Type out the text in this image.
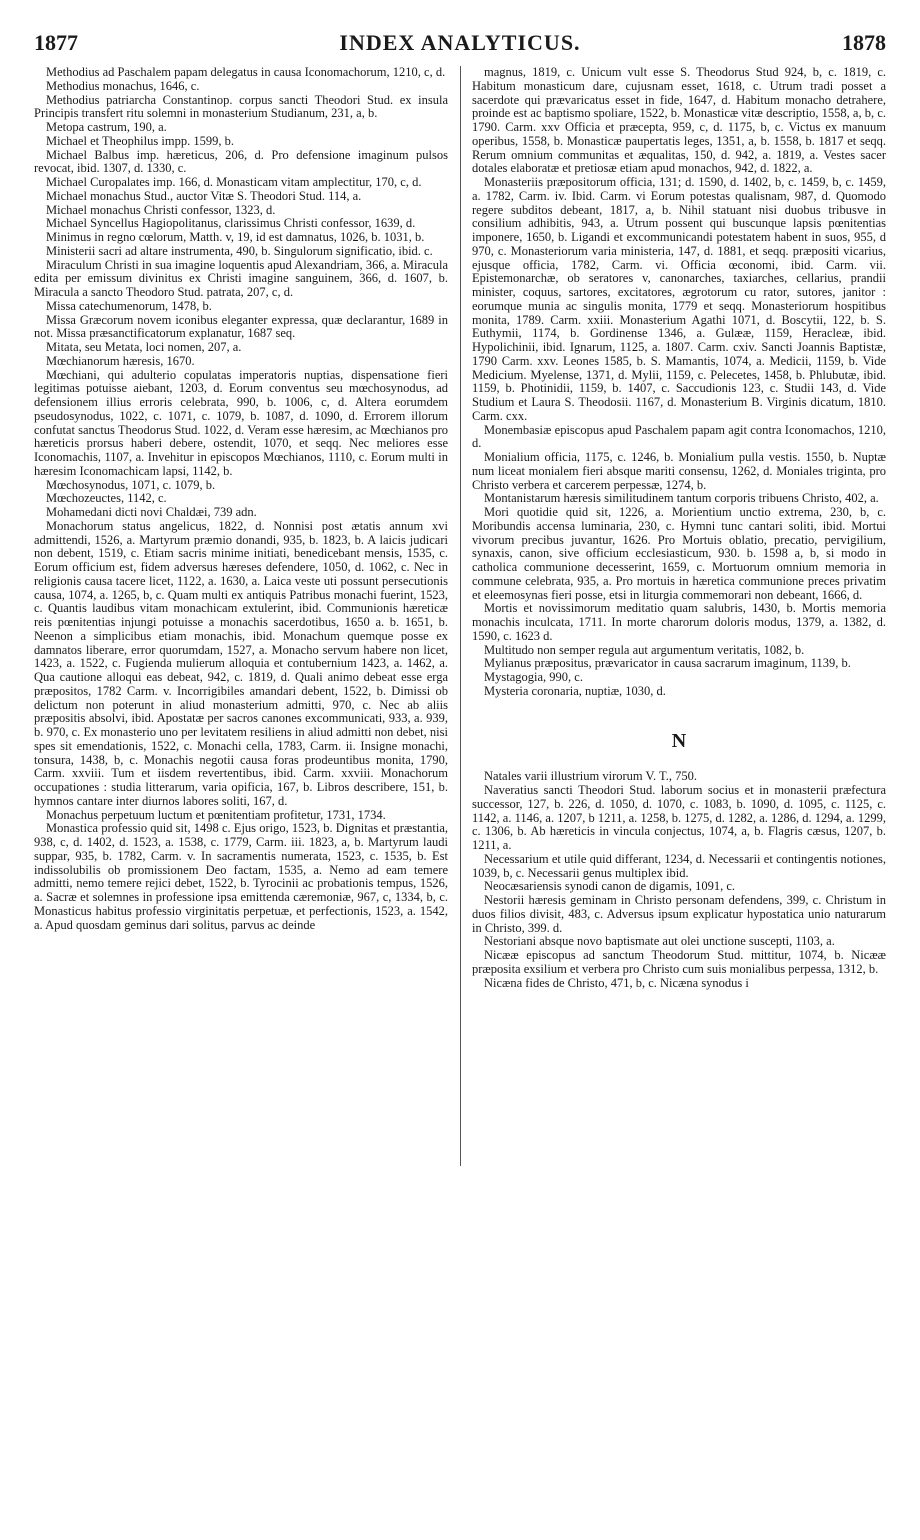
1877	INDEX ANALYTICUS.	1878

Methodius ad Paschalem papam delegatus in causa Iconomachorum, 1210, c, d.

Methodius monachus, 1646, c.

Methodius patriarcha Constantinop. corpus sancti Theodori Stud. ex insula Principis transfert ritu solemni in monasterium Studianum, 231, a, b.

Metopa castrum, 190, a.

Michael et Theophilus impp. 1599, b.

Michael Balbus imp. hæreticus, 206, d. Pro defensione imaginum pulsos revocat, ibid. 1307, d. 1330, c.

Michael Curopalates imp. 166, d. Monasticam vitam amplectitur, 170, c, d.

Michael monachus Stud., auctor Vitæ S. Theodori Stud. 114, a.

Michael monachus Christi confessor, 1323, d.

Michael Syncellus Hagiopolitanus, clarissimus Christi confessor, 1639, d.

Minimus in regno cœlorum, Matth. v, 19, id est damnatus, 1026, b. 1031, b.

Ministerii sacri ad altare instrumenta, 490, b. Singulorum significatio, ibid. c.

Miraculum Christi in sua imagine loquentis apud Alexandriam, 366, a. Miracula edita per emissum divinitus ex Christi imagine sanguinem, 366, d. 1607, b. Miracula a sancto Theodoro Stud. patrata, 207, c, d.

Missa catechumenorum, 1478, b.

Missa Græcorum novem iconibus eleganter expressa, quæ declarantur, 1689 in not. Missa præsanctificatorum explanatur, 1687 seq.

Mitata, seu Metata, loci nomen, 207, a.

Mœchianorum hæresis, 1670.

Mœchiani, qui adulterio copulatas imperatoris nuptias, dispensatione fieri legitimas potuisse aiebant, 1203, d. Eorum conventus seu mœchosynodus, ad defensionem illius erroris celebrata, 990, b. 1006, c, d. Altera eorumdem pseudosynodus, 1022, c. 1071, c. 1079, b. 1087, d. 1090, d. Errorem illorum confutat sanctus Theodorus Stud. 1022, d. Veram esse hæresim, ac Mœchianos pro hæreticis prorsus haberi debere, ostendit, 1070, et seqq. Nec meliores esse Iconomachis, 1107, a. Invehitur in episcopos Mœchianos, 1110, c. Eorum multi in hæresim Iconomachicam lapsi, 1142, b.

Mœchosynodus, 1071, c. 1079, b.

Mœchozeuctes, 1142, c.

Mohamedani dicti novi Chaldæi, 739 adn.

Monachorum status angelicus, 1822, d. Nonnisi post ætatis annum xvi admittendi, 1526, a. Martyrum præmio donandi, 935, b. 1823, b. A laicis judicari non debent, 1519, c. Etiam sacris minime initiati, benedicebant mensis, 1535, c. Eorum officium est, fidem adversus hæreses defendere, 1050, d. 1062, c. Nec in religionis causa tacere licet, 1122, a. 1630, a. Laica veste uti possunt persecutionis causa, 1074, a. 1265, b, c. Quam multi ex antiquis Patribus monachi fuerint, 1523, c. Quantis laudibus vitam monachicam extulerint, ibid. Communionis hæreticæ reis pœnitentias injungi potuisse a monachis sacerdotibus, 1650 a. b. 1651, b. Neenon a simplicibus etiam monachis, ibid. Monachum quemque posse ex damnatos liberare, error quorumdam, 1527, a. Monacho servum habere non licet, 1423, a. 1522, c. Fugienda mulierum alloquia et contubernium 1423, a. 1462, a. Qua cautione alloqui eas debeat, 942, c. 1819, d. Quali animo debeat esse erga præpositos, 1782 Carm. v. Incorrigibiles amandari debent, 1522, b. Dimissi ob delictum non poterunt in aliud monasterium admitti, 970, c. Nec ab aliis præpositis absolvi, ibid. Apostatæ per sacros canones excommunicati, 933, a. 939, b. 970, c. Ex monasterio uno per levitatem resiliens in aliud admitti non debet, nisi spes sit emendationis, 1522, c. Monachi cella, 1783, Carm. ii. Insigne monachi, tonsura, 1438, b, c. Monachis negotii causa foras prodeuntibus monita, 1790, Carm. xxviii. Tum et iisdem revertentibus, ibid. Carm. xxviii. Monachorum occupationes : studia litterarum, varia opificia, 167, b. Libros describere, 151, b. hymnos cantare inter diurnos labores soliti, 167, d.

Monachus perpetuum luctum et pœnitentiam profitetur, 1731, 1734.

Monastica professio quid sit, 1498 c. Ejus origo, 1523, b. Dignitas et præstantia, 938, c, d. 1402, d. 1523, a. 1538, c. 1779, Carm. iii. 1823, a, b. Martyrum laudi suppar, 935, b. 1782, Carm. v. In sacramentis numerata, 1523, c. 1535, b. Est indissolubilis ob promissionem Deo factam, 1535, a. Nemo ad eam temere admitti, nemo temere rejici debet, 1522, b. Tyrocinii ac probationis tempus, 1526, a. Sacræ et solemnes in professione ipsa emittenda cæremoniæ, 967, c, 1334, b, c. Monasticus habitus professio virginitatis perpetuæ, et perfectionis, 1523, a. 1542, a. Apud quosdam geminus dari solitus, parvus ac deinde

magnus, 1819, c. Unicum vult esse S. Theodorus Stud 924, b, c. 1819, c. Habitum monasticum dare, cujusnam esset, 1618, c. Utrum tradi posset a sacerdote qui prævaricatus esset in fide, 1647, d. Habitum monacho detrahere, proinde est ac baptismo spoliare, 1522, b. Monasticæ vitæ descriptio, 1558, a, b, c. 1790. Carm. xxv Officia et præcepta, 959, c, d. 1175, b, c. Victus ex manuum operibus, 1558, b. Monasticæ paupertatis leges, 1351, a, b. 1558, b. 1817 et seqq. Rerum omnium communitas et æqualitas, 150, d. 942, a. 1819, a. Vestes sacer dotales elaboratæ et pretiosæ etiam apud monachos, 942, d. 1822, a.

Monasteriis præpositorum officia, 131; d. 1590, d. 1402, b, c. 1459, b, c. 1459, a. 1782, Carm. iv. Ibid. Carm. vi Eorum potestas qualisnam, 987, d. Quomodo regere subditos debeant, 1817, a, b. Nihil statuant nisi duobus tribusve in consilium adhibitis, 943, a. Utrum possent qui buscunque lapsis pœnitentias imponere, 1650, b. Ligandi et excommunicandi potestatem habent in suos, 955, d 970, c. Monasteriorum varia ministeria, 147, d. 1881, et seqq. præpositi vicarius, ejusque officia, 1782, Carm. vi. Officia œconomi, ibid. Carm. vii. Epistemonarchæ, ob seratores v, canonarches, taxiarches, cellarius, prandii minister, coquus, sartores, excitatores, ægrotorum cu rator, sutores, janitor : eorumque munia ac singulis monita, 1779 et seqq. Monasteriorum hospitibus monita, 1789. Carm. xxiii. Monasterium Agathi 1071, d. Boscytii, 122, b. S. Euthymii, 1174, b. Gordinense 1346, a. Gulææ, 1159, Heracleæ, ibid. Hypolichinii, ibid. Ignarum, 1125, a. 1807. Carm. cxiv. Sancti Joannis Baptistæ, 1790 Carm. xxv. Leones 1585, b. S. Mamantis, 1074, a. Medicii, 1159, b. Vide Medicium. Myelense, 1371, d. Mylii, 1159, c. Pelecetes, 1458, b. Phlubutæ, ibid. 1159, b. Photinidii, 1159, b. 1407, c. Saccudionis 123, c. Studii 143, d. Vide Studium et Laura S. Theodosii. 1167, d. Monasterium B. Virginis dicatum, 1810. Carm. cxx.

Monembasiæ episcopus apud Paschalem papam agit contra Iconomachos, 1210, d.

Monialium officia, 1175, c. 1246, b. Monialium pulla vestis. 1550, b. Nuptæ num liceat monialem fieri absque mariti consensu, 1262, d. Moniales triginta, pro Christo verbera et carcerem perpessæ, 1274, b.

Montanistarum hæresis similitudinem tantum corporis tribuens Christo, 402, a.

Mori quotidie quid sit, 1226, a. Morientium unctio extrema, 230, b, c. Moribundis accensa luminaria, 230, c. Hymni tunc cantari soliti, ibid. Mortui vivorum precibus juvantur, 1626. Pro Mortuis oblatio, precatio, pervigilium, synaxis, canon, sive officium ecclesiasticum, 930. b. 1598 a, b, si modo in catholica communione decesserint, 1659, c. Mortuorum omnium memoria in commune celebrata, 935, a. Pro mortuis in hæretica communione preces privatim et eleemosynas fieri posse, etsi in liturgia commemorari non debeant, 1666, d.

Mortis et novissimorum meditatio quam salubris, 1430, b. Mortis memoria monachis inculcata, 1711. In morte charorum doloris modus, 1379, a. 1382, d. 1590, c. 1623 d.

Multitudo non semper regula aut argumentum veritatis, 1082, b.

Mylianus præpositus, prævaricator in causa sacrarum imaginum, 1139, b.

Mystagogia, 990, c.

Mysteria coronaria, nuptiæ, 1030, d.

N

Natales varii illustrium virorum V. T., 750.

Naveratius sancti Theodori Stud. laborum socius et in monasterii præfectura successor, 127, b. 226, d. 1050, d. 1070, c. 1083, b. 1090, d. 1095, c. 1125, c. 1142, a. 1146, a. 1207, b 1211, a. 1258, b. 1275, d. 1282, a. 1286, d. 1294, a. 1299, c. 1306, b. Ab hæreticis in vincula conjectus, 1074, a, b. Flagris cæsus, 1207, b. 1211, a.

Necessarium et utile quid differant, 1234, d. Necessarii et contingentis notiones, 1039, b, c. Necessarii genus multiplex ibid.

Neocæsariensis synodi canon de digamis, 1091, c.

Nestorii hæresis geminam in Christo personam defendens, 399, c. Christum in duos filios divisit, 483, c. Adversus ipsum explicatur hypostatica unio naturarum in Christo, 399. d.

Nestoriani absque novo baptismate aut olei unctione suscepti, 1103, a.

Nicææ episcopus ad sanctum Theodorum Stud. mittitur, 1074, b. Nicææ præposita exsilium et verbera pro Christo cum suis monialibus perpessa, 1312, b.

Nicæna fides de Christo, 471, b, c. Nicæna synodus i
